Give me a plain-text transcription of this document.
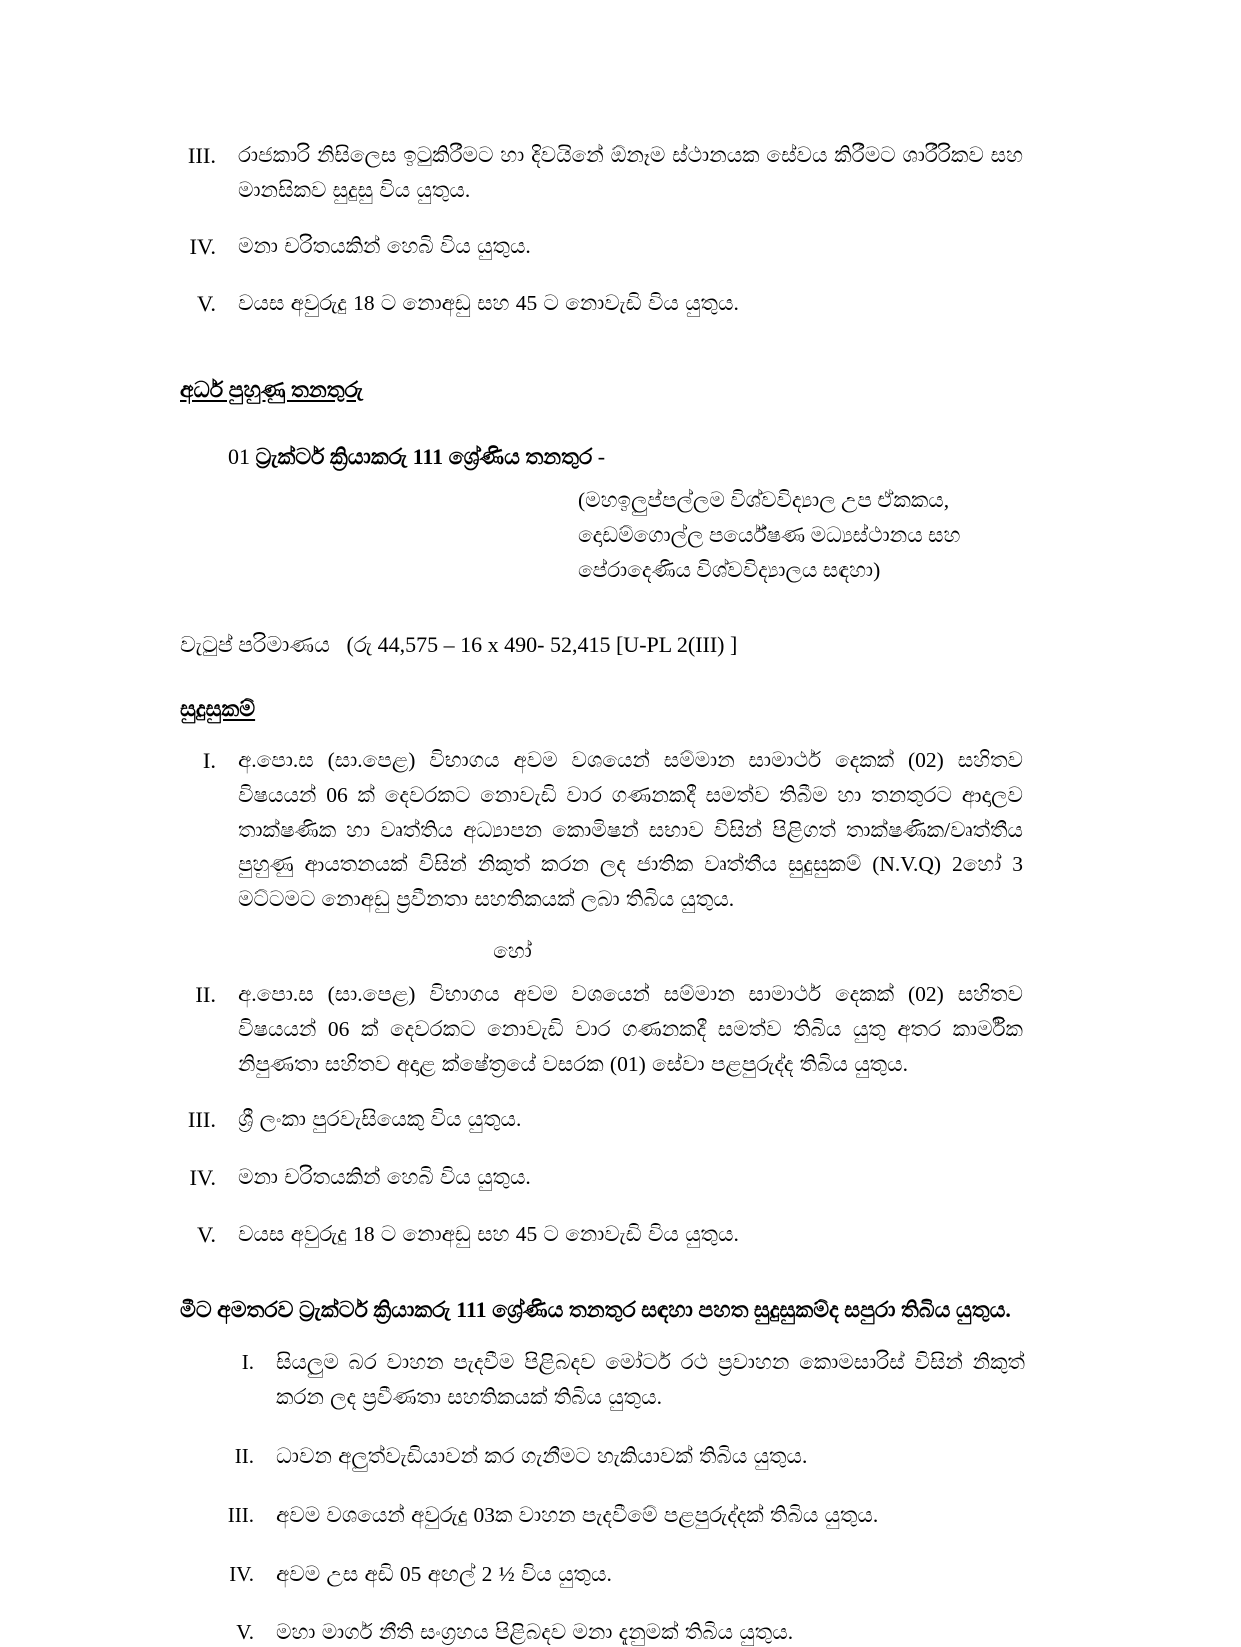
III.	රාජකාරි නිසිලෙස ඉටුකිරීමට හා දිවයිනේ ඕනෑම ස්ථානයක සේවය කිරීමට ශාරීරිකව සහ මානසිකව සුදුසු විය යුතුය.
IV.	මනා චරිතයකින් හෙබි විය යුතුය.
V.	වයස අවුරුදු 18 ට නොඅඩු සහ 45 ට නොවැඩි විය යුතුය.
අර්ධ පුහුණු තනතුරු
01 ට්‍රැක්ටර් ක්‍රියාකරු 111 ශ්‍රේණිය තනතුර -
(මහඉලුප්පල්ලම විශ්වවිද්‍යාල උප ඒකකය,
දොඩම්ගොල්ල පර්යේෂණ මධ්‍යස්ථානය සහ
පේරාදෙණිය විශ්වවිද්‍යාලය සඳහා)
වැටුප් පරිමාණය (රු 44,575 – 16 x 490- 52,415 [U-PL 2(III) ]
සුදුසුකම්
I.	අ.පො.ස (සා.පෙළ) විභාගය අවම වශයෙන් සම්මාන සාමාර්ථ දෙකක් (02) සහිතව විෂයයන් 06 ක් දෙවරකට නොවැඩි වාර ගණනකදී සමත්ව තිබීම හා තනතුරට ආදාලව තාක්ෂණික හා වෘත්තිය අධ්‍යාපන කොමිෂන් සභාව විසින් පිළිගත් තාක්ෂණික/වෘත්තීය පුහුණු ආයතනයක් විසින් නිකුත් කරන ලද ජාතික වෘත්තීය සුදුසුකම් (N.V.Q) 2හෝ 3 මට්ටමට නොඅඩු ප්‍රවීනතා සහතිකයක් ලබා තිබිය යුතුය.
හෝ
II.	අ.පො.ස (සා.පෙළ) විභාගය අවම වශයෙන් සම්මාන සාමාර්ථ දෙකක් (02) සහිතව විෂයයන් 06 ක් දෙවරකට නොවැඩි වාර ගණනකදී සමත්ව තිබිය යුතු අතර කාර්මික නිපුණතා සහිතව අදාළ ක්ෂේත්‍රයේ වසරක (01) සේවා පළපුරුද්ද තිබිය යුතුය.
III.	ශ්‍රී ලංකා පුරවැසියෙකු විය යුතුය.
IV.	මනා චරිතයකින් හෙබි විය යුතුය.
V.	වයස අවුරුදු 18 ට නොඅඩු සහ 45 ට නොවැඩි විය යුතුය.

මීට අමතරව ට්‍රැක්ටර් ක්‍රියාකරු 111 ශ්‍රේණිය තනතුර සඳහා පහත සුදුසුකම්ද සපුරා තිබිය යුතුය.

I.	සියලුම බර වාහන පැදවීම පිළිබදව මෝටර් රථ ප්‍රවාහන කොමසාරිස් විසින් නිකුත් කරන ලද ප්‍රවීණතා සහතිකයක් තිබිය යුතුය.
II.	ධාවන අලුත්වැඩියාවන් කර ගැනීමට හැකියාවක් තිබිය යුතුය.
III.	අවම වශයෙන් අවුරුදු 03ක වාහන පැදවීමේ පළපුරුද්දක් තිබිය යුතුය.
IV.	අවම උස අඩි 05 අඟල් 2 ½ විය යුතුය.
V.	මහා මාර්ග නීති සංග්‍රහය පිළිබදව මනා දැනුමක් තිබිය යුතුය.
